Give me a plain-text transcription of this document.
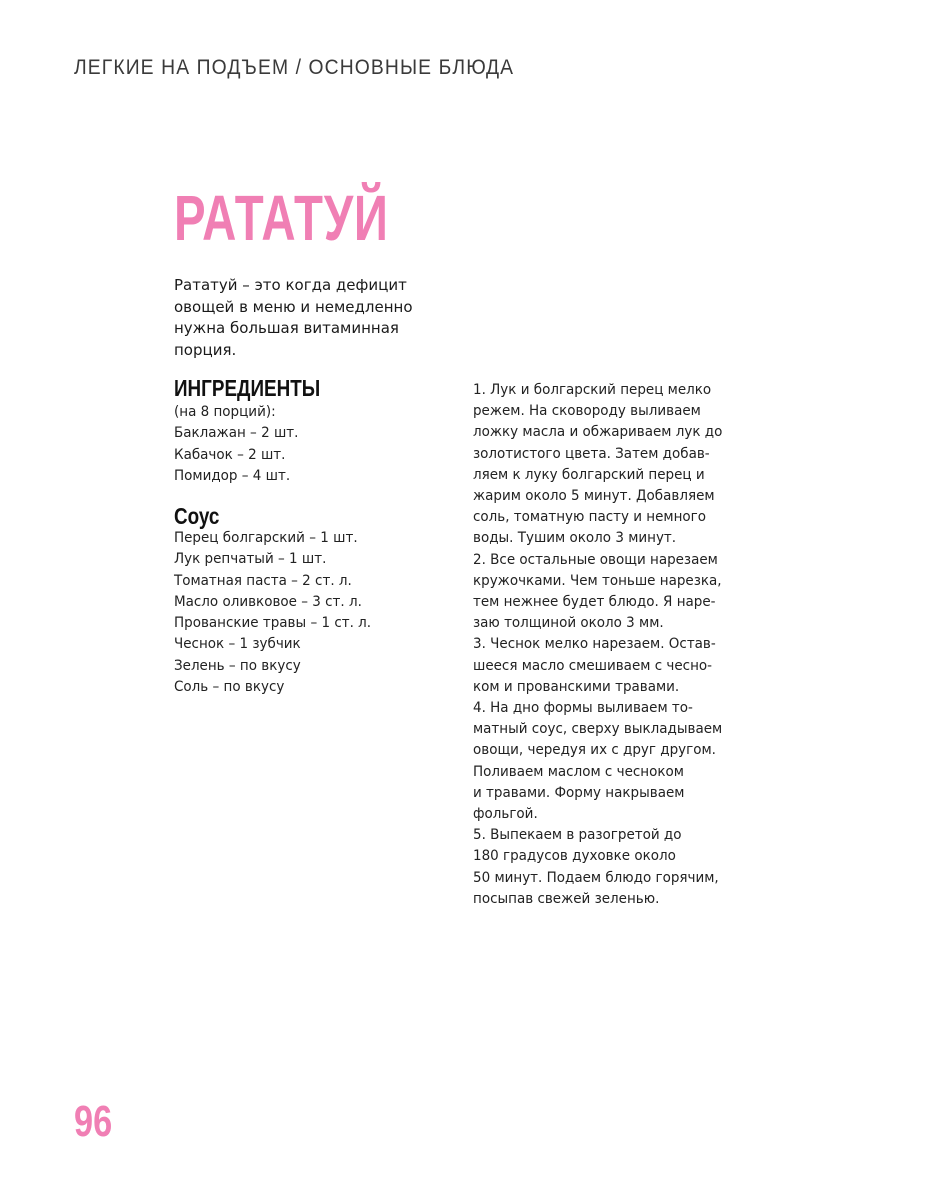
ЛЕГКИЕ НА ПОДЪЕМ / ОСНОВНЫЕ БЛЮДА
РАТАТУЙ
Рататуй – это когда дефицит
овощей в меню и немедленно
нужна большая витаминная
порция.
ИНГРЕДИЕНТЫ
(на 8 порций):
Баклажан – 2 шт.
Кабачок – 2 шт.
Помидор – 4 шт.
Соус
Перец болгарский – 1 шт.
Лук репчатый – 1 шт.
Томатная паста – 2 ст. л.
Масло оливковое – 3 ст. л.
Прованские травы – 1 ст. л.
Чеснок – 1 зубчик
Зелень – по вкусу
Соль – по вкусу
1. Лук и болгарский перец мелко
режем. На сковороду выливаем
ложку масла и обжариваем лук до
золотистого цвета. Затем добав-
ляем к луку болгарский перец и
жарим около 5 минут. Добавляем
соль, томатную пасту и немного
воды. Тушим около 3 минут.
2. Все остальные овощи нарезаем
кружочками. Чем тоньше нарезка,
тем нежнее будет блюдо. Я наре-
заю толщиной около 3 мм.
3. Чеснок мелко нарезаем. Остав-
шееся масло смешиваем с чесно-
ком и прованскими травами.
4. На дно формы выливаем то-
матный соус, сверху выкладываем
овощи, чередуя их с друг другом.
Поливаем маслом с чесноком
и травами. Форму накрываем
фольгой.
5. Выпекаем в разогретой до
180 градусов духовке около
50 минут. Подаем блюдо горячим,
посыпав свежей зеленью.
96
